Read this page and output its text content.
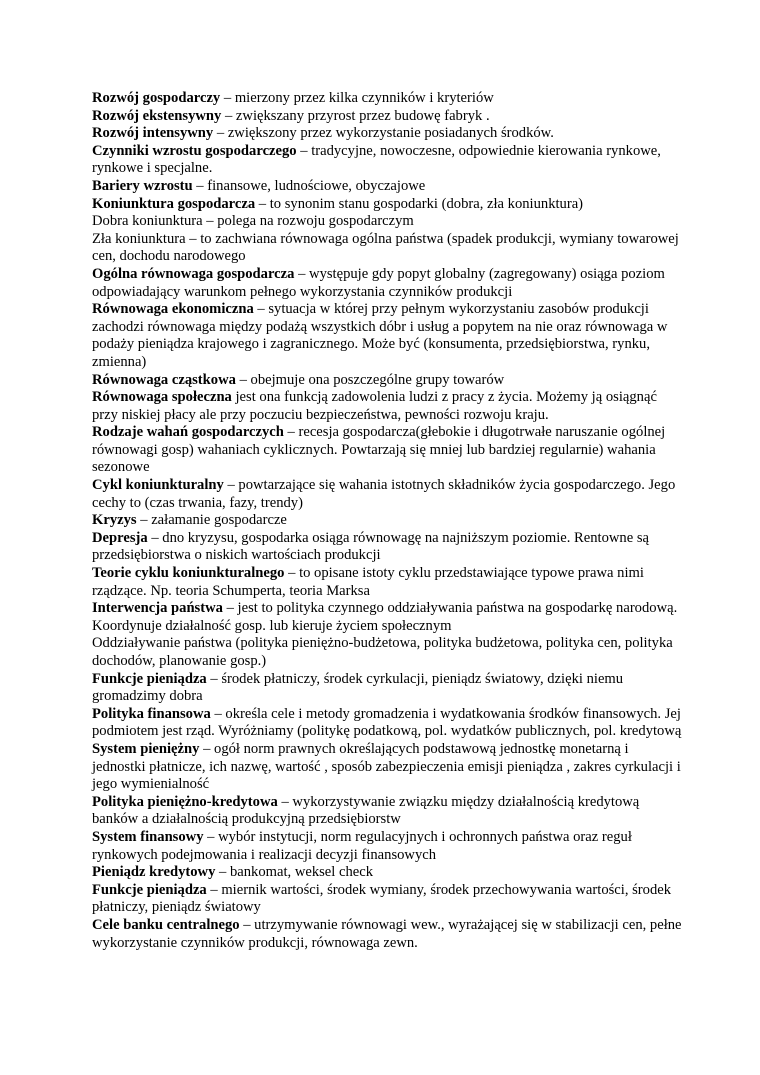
Rozwój gospodarczy – mierzony przez kilka czynników i kryteriów

Rozwój ekstensywny – zwiększany przyrost przez budowę fabryk .

Rozwój intensywny – zwiększony przez wykorzystanie posiadanych środków.

Czynniki wzrostu gospodarczego – tradycyjne, nowoczesne, odpowiednie kierowania rynkowe, rynkowe i specjalne.

Bariery wzrostu – finansowe, ludnościowe, obyczajowe

Koniunktura gospodarcza – to synonim stanu gospodarki (dobra, zła koniunktura)

Dobra koniunktura – polega na rozwoju gospodarczym

Zła koniunktura – to zachwiana równowaga ogólna państwa (spadek produkcji, wymiany towarowej cen, dochodu narodowego

Ogólna równowaga gospodarcza – występuje gdy popyt globalny (zagregowany) osiąga poziom odpowiadający warunkom pełnego wykorzystania czynników produkcji

Równowaga ekonomiczna – sytuacja w której przy pełnym wykorzystaniu zasobów produkcji zachodzi równowaga między podażą wszystkich dóbr i usług a popytem na nie oraz równowaga w podaży pieniądza krajowego i zagranicznego. Może być (konsumenta, przedsiębiorstwa, rynku, zmienna)

Równowaga cząstkowa – obejmuje ona poszczególne grupy towarów

Równowaga społeczna jest ona funkcją zadowolenia ludzi z pracy z życia. Możemy ją osiągnąć przy niskiej płacy ale przy poczuciu bezpieczeństwa, pewności rozwoju kraju.

Rodzaje wahań gospodarczych – recesja gospodarcza(głebokie i długotrwałe naruszanie ogólnej równowagi gosp) wahaniach cyklicznych. Powtarzają się mniej lub bardziej regularnie) wahania sezonowe

Cykl koniunkturalny – powtarzające się wahania istotnych składników życia gospodarczego. Jego cechy to (czas trwania, fazy, trendy)

Kryzys – załamanie gospodarcze

Depresja – dno kryzysu, gospodarka osiąga równowagę na najniższym poziomie. Rentowne są przedsiębiorstwa o niskich wartościach produkcji

Teorie cyklu koniunkturalnego – to opisane istoty cyklu przedstawiające typowe prawa nimi rządzące. Np. teoria Schumperta, teoria Marksa

Interwencja państwa – jest to polityka czynnego oddziaływania państwa na gospodarkę narodową. Koordynuje działalność gosp. lub kieruje życiem społecznym

Oddziaływanie państwa (polityka pieniężno-budżetowa, polityka budżetowa, polityka cen, polityka dochodów, planowanie gosp.)

Funkcje pieniądza – środek płatniczy, środek cyrkulacji, pieniądz światowy, dzięki niemu gromadzimy dobra

Polityka finansowa – określa cele i metody gromadzenia i wydatkowania środków finansowych. Jej podmiotem jest rząd. Wyróżniamy (politykę podatkową, pol. wydatków publicznych, pol. kredytową

System pieniężny – ogół norm prawnych określających podstawową jednostkę monetarną i jednostki płatnicze, ich nazwę, wartość , sposób zabezpieczenia emisji pieniądza , zakres cyrkulacji i jego wymienialność

Polityka pieniężno-kredytowa – wykorzystywanie związku między działalnością kredytową banków a działalnością produkcyjną przedsiębiorstw

System finansowy – wybór instytucji, norm regulacyjnych i ochronnych państwa oraz reguł rynkowych podejmowania i realizacji decyzji finansowych

Pieniądz kredytowy – bankomat, weksel check

Funkcje pieniądza – miernik wartości, środek wymiany, środek przechowywania wartości, środek płatniczy, pieniądz światowy

Cele banku centralnego – utrzymywanie równowagi wew., wyrażającej się w stabilizacji cen, pełne wykorzystanie czynników produkcji, równowaga zewn.
